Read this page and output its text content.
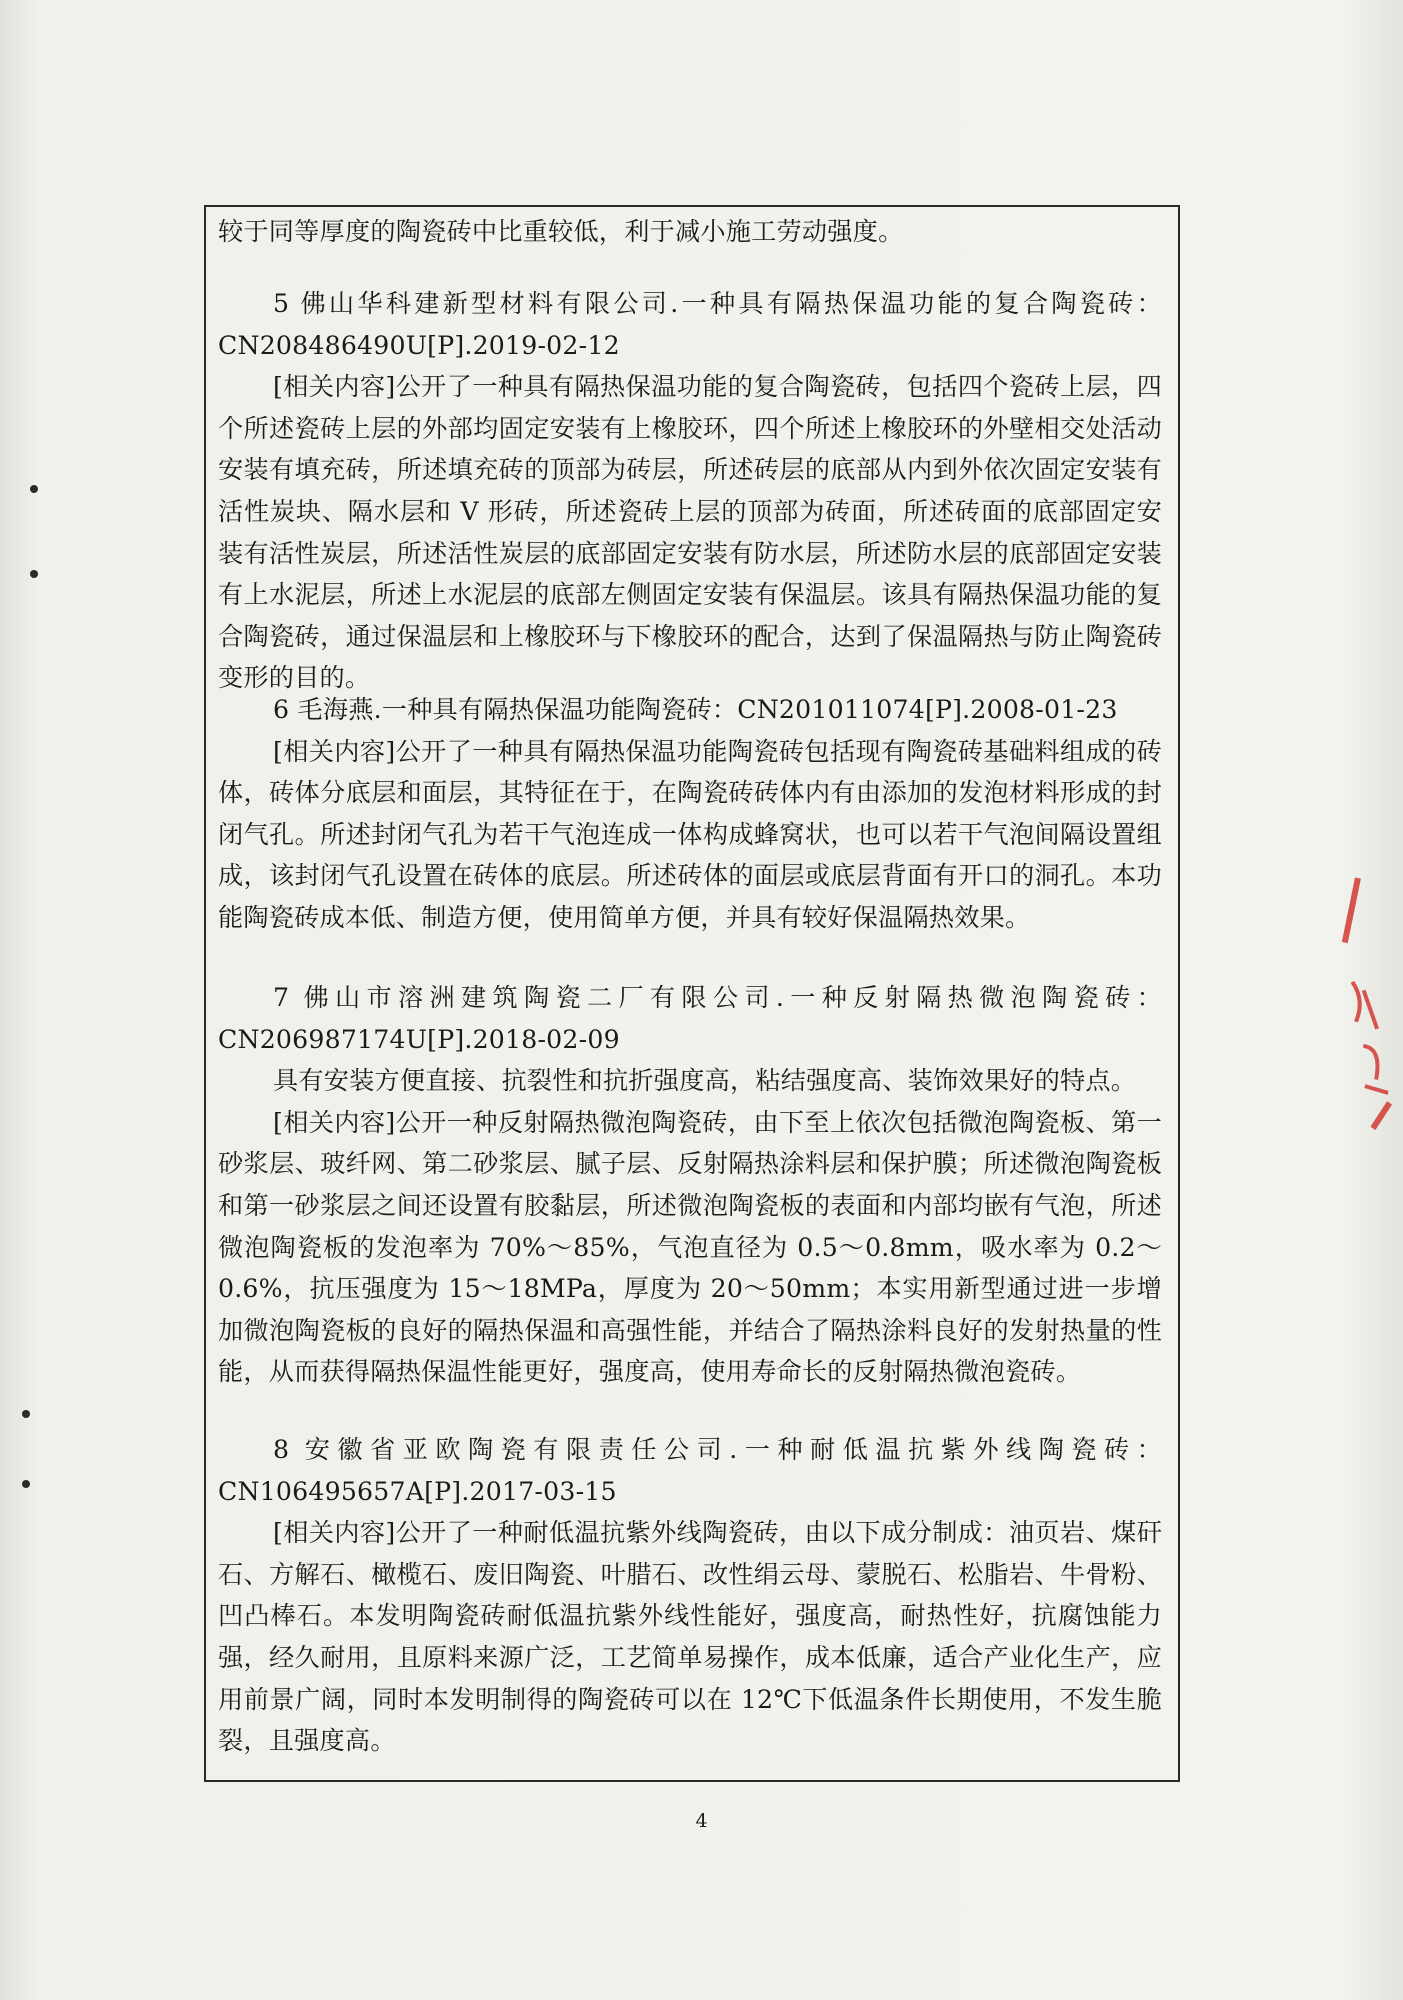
较于同等厚度的陶瓷砖中比重较低，利于减小施工劳动强度。

5 佛山华科建新型材料有限公司.一种具有隔热保温功能的复合陶瓷砖：CN208486490U[P].2019-02-12

[相关内容]公开了一种具有隔热保温功能的复合陶瓷砖，包括四个瓷砖上层，四个所述瓷砖上层的外部均固定安装有上橡胶环，四个所述上橡胶环的外壁相交处活动安装有填充砖，所述填充砖的顶部为砖层，所述砖层的底部从内到外依次固定安装有活性炭块、隔水层和 V 形砖，所述瓷砖上层的顶部为砖面，所述砖面的底部固定安装有活性炭层，所述活性炭层的底部固定安装有防水层，所述防水层的底部固定安装有上水泥层，所述上水泥层的底部左侧固定安装有保温层。该具有隔热保温功能的复合陶瓷砖，通过保温层和上橡胶环与下橡胶环的配合，达到了保温隔热与防止陶瓷砖变形的目的。

6 毛海燕.一种具有隔热保温功能陶瓷砖：CN201011074[P].2008-01-23

[相关内容]公开了一种具有隔热保温功能陶瓷砖包括现有陶瓷砖基础料组成的砖体，砖体分底层和面层，其特征在于，在陶瓷砖砖体内有由添加的发泡材料形成的封闭气孔。所述封闭气孔为若干气泡连成一体构成蜂窝状，也可以若干气泡间隔设置组成，该封闭气孔设置在砖体的底层。所述砖体的面层或底层背面有开口的洞孔。本功能陶瓷砖成本低、制造方便，使用简单方便，并具有较好保温隔热效果。

7 佛山市溶洲建筑陶瓷二厂有限公司.一种反射隔热微泡陶瓷砖：CN206987174U[P].2018-02-09

具有安装方便直接、抗裂性和抗折强度高，粘结强度高、装饰效果好的特点。

[相关内容]公开一种反射隔热微泡陶瓷砖，由下至上依次包括微泡陶瓷板、第一砂浆层、玻纤网、第二砂浆层、腻子层、反射隔热涂料层和保护膜；所述微泡陶瓷板和第一砂浆层之间还设置有胶黏层，所述微泡陶瓷板的表面和内部均嵌有气泡，所述微泡陶瓷板的发泡率为 70%～85%，气泡直径为 0.5～0.8mm，吸水率为 0.2～0.6%，抗压强度为 15～18MPa，厚度为 20～50mm；本实用新型通过进一步增加微泡陶瓷板的良好的隔热保温和高强性能，并结合了隔热涂料良好的发射热量的性能，从而获得隔热保温性能更好，强度高，使用寿命长的反射隔热微泡瓷砖。

8 安徽省亚欧陶瓷有限责任公司.一种耐低温抗紫外线陶瓷砖：CN106495657A[P].2017-03-15

[相关内容]公开了一种耐低温抗紫外线陶瓷砖，由以下成分制成：油页岩、煤矸石、方解石、橄榄石、废旧陶瓷、叶腊石、改性绢云母、蒙脱石、松脂岩、牛骨粉、凹凸棒石。本发明陶瓷砖耐低温抗紫外线性能好，强度高，耐热性好，抗腐蚀能力强，经久耐用，且原料来源广泛，工艺简单易操作，成本低廉，适合产业化生产，应用前景广阔，同时本发明制得的陶瓷砖可以在 12℃下低温条件长期使用，不发生脆裂，且强度高。

4
